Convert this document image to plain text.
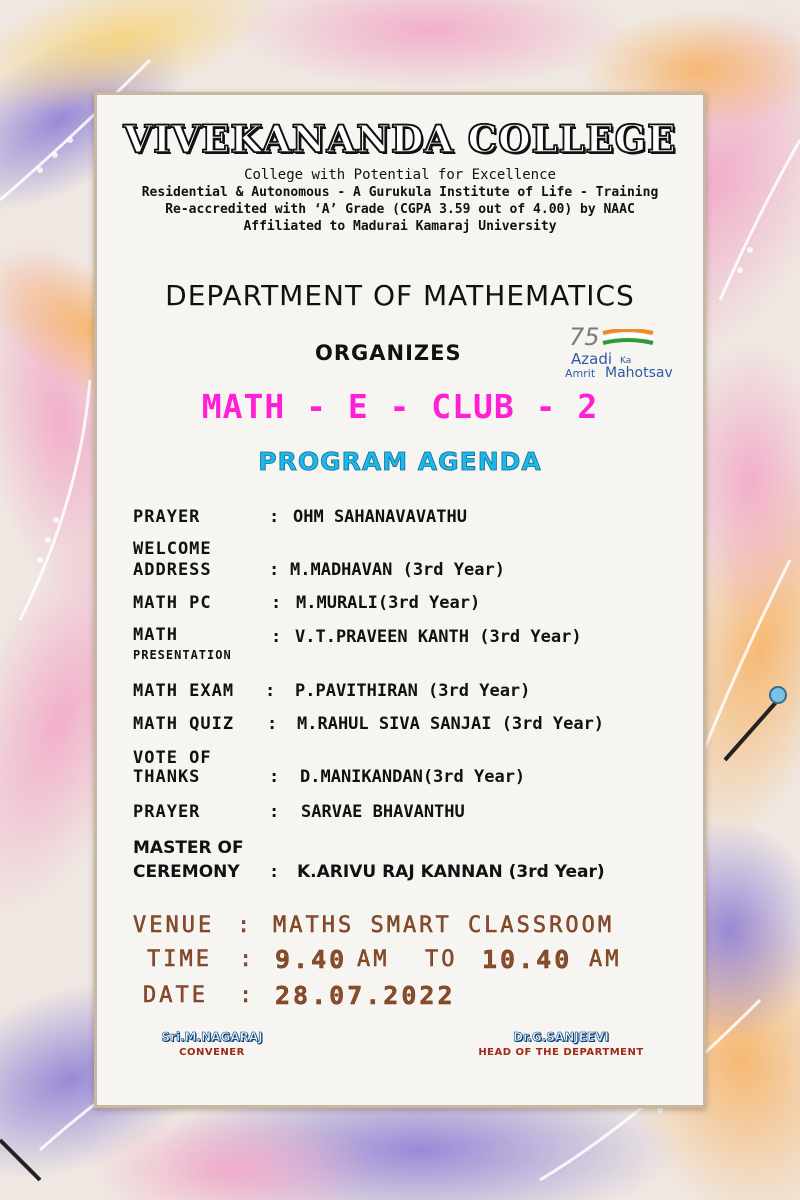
VIVEKANANDA COLLEGE
College with Potential for Excellence
Residential & Autonomous - A Gurukula Institute of Life - Training
Re-accredited with ‘A’ Grade (CGPA 3.59 out of 4.00) by NAAC
Affiliated to Madurai Kamaraj University
DEPARTMENT OF MATHEMATICS
ORGANIZES
75
Azadi Ka
Amrit Mahotsav
MATH - E - CLUB - 2
PROGRAM AGENDA
PRAYER	: OHM SAHANAVAVATHU
WELCOME
ADDRESS	: M.MADHAVAN (3rd Year)
MATH PC	: M.MURALI(3rd Year)
MATH
PRESENTATION
: V.T.PRAVEEN KANTH (3rd Year)
MATH EXAM : P.PAVITHIRAN (3rd Year)
MATH QUIZ : M.RAHUL SIVA SANJAI (3rd Year)
VOTE OF
THANKS	: D.MANIKANDAN(3rd Year)
PRAYER	: SARVAE BHAVANTHU
MASTER OF
CEREMONY : K.ARIVU RAJ KANNAN (3rd Year)
VENUE : MATHS SMART CLASSROOM
TIME : 9.40 AM TO 10.40 AM
DATE : 28.07.2022
Sri.M.NAGARAJ
CONVENER
Dr.G.SANJEEVI
HEAD OF THE DEPARTMENT
